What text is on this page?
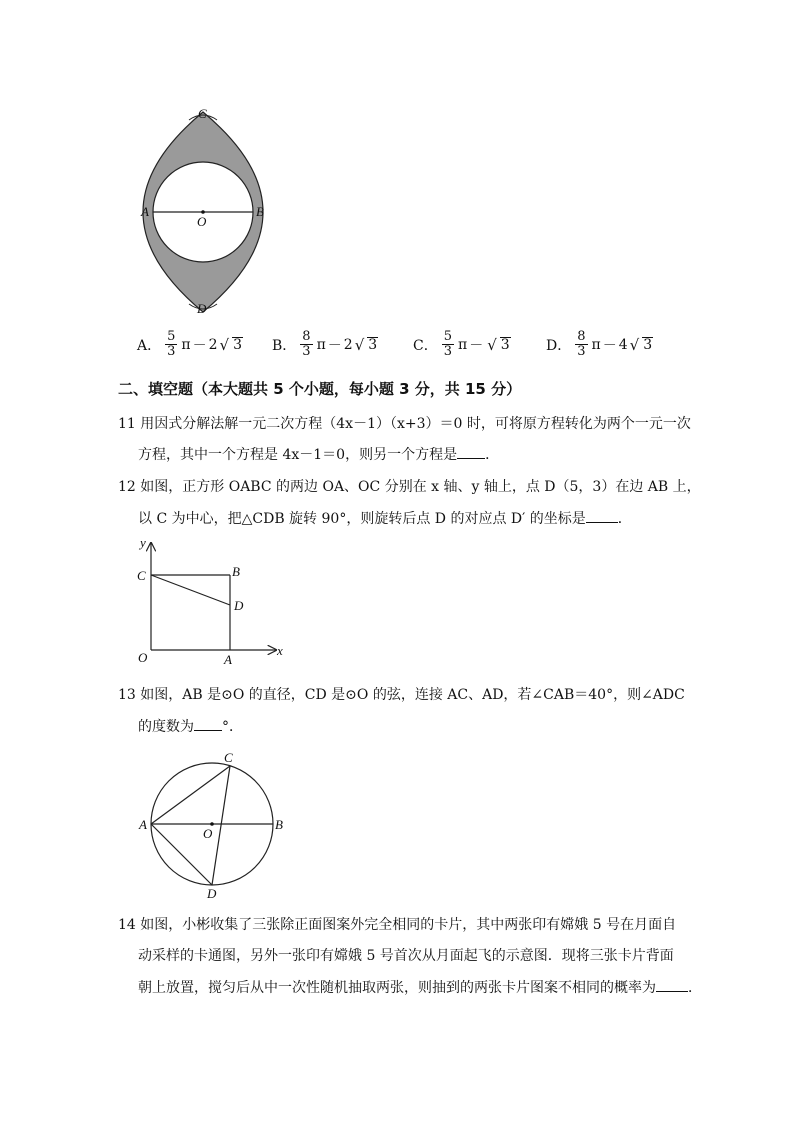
C
A
O
B
D
A． $\frac{5}{3}$ π － 2 √ 3 B． $\frac{8}{3}$ π － 2 √ 3	C． $\frac{5}{3}$ π － √ 3	D． $\frac{8}{3}$ π － 4 √ 3
二、填空题（本大题共 5 个小题，每小题 3 分，共 15 分）
11 用因式分解法解一元二次方程（4x－1）（x+3）＝0 时，可将原方程转化为两个一元一次
方程，其中一个方程是 4x－1＝0，则另一个方程是 ．
12 如图，正方形 OABC 的两边 OA、OC 分别在 x 轴、y 轴上，点 D（5，3）在边 AB 上，
以 C 为中心，把△CDB 旋转 90°，则旋转后点 D 的对应点 D′ 的坐标是 ．
y
x
C	B
D
O	A
13 如图，AB 是⊙O 的直径，CD 是⊙O 的弦，连接 AC、AD，若∠CAB＝40°，则∠ADC
的度数为 °．
C
A
O
B
D
14 如图，小彬收集了三张除正面图案外完全相同的卡片，其中两张印有嫦娥 5 号在月面自
动采样的卡通图，另外一张印有嫦娥 5 号首次从月面起飞的示意图．现将三张卡片背面
朝上放置，搅匀后从中一次性随机抽取两张，则抽到的两张卡片图案不相同的概率为 ．
